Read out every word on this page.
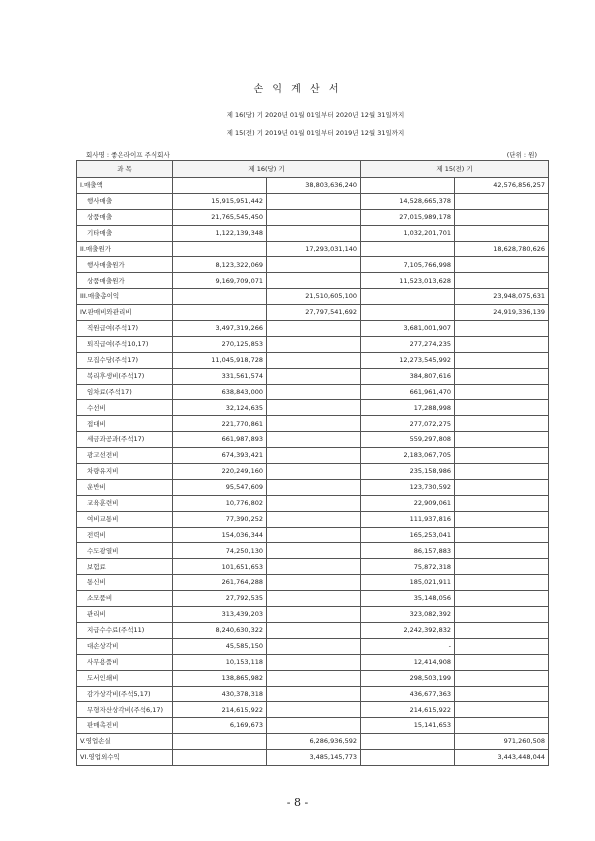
손 익 계 산 서
제 16(당) 기 2020년 01월 01일부터 2020년 12월 31일까지
제 15(전) 기 2019년 01월 01일부터 2019년 12월 31일까지
회사명 : 좋은라이프 주식회사	(단위 : 원)
과 목	제 16(당) 기		제 15(전) 기	
I.매출액		38,803,636,240		42,576,856,257
행사매출	15,915,951,442		14,528,665,378	
상품매출	21,765,545,450		27,015,989,178	
기타매출	1,122,139,348		1,032,201,701	
II.매출원가		17,293,031,140		18,628,780,626
행사매출원가	8,123,322,069		7,105,766,998	
상품매출원가	9,169,709,071		11,523,013,628	
III.매출총이익		21,510,605,100		23,948,075,631
IV.판매비와관리비		27,797,541,692		24,919,336,139
직원급여(주석17)	3,497,319,266		3,681,001,907	
퇴직급여(주석10,17)	270,125,853		277,274,235	
모집수당(주석17)	11,045,918,728		12,273,545,992	
복리후생비(주석17)	331,561,574		384,807,616	
임차료(주석17)	638,843,000		661,961,470	
수선비	32,124,635		17,288,998	
접대비	221,770,861		277,072,275	
세금과공과(주석17)	661,987,893		559,297,808	
광고선전비	674,393,421		2,183,067,705	
차량유지비	220,249,160		235,158,986	
운반비	95,547,609		123,730,592	
교육훈련비	10,776,802		22,909,061	
여비교통비	77,390,252		111,937,816	
전력비	154,036,344		165,253,041	
수도광열비	74,250,130		86,157,883	
보험료	101,651,653		75,872,318	
통신비	261,764,288		185,021,911	
소모품비	27,792,535		35,148,056	
관리비	313,439,203		323,082,392	
지급수수료(주석11)	8,240,630,322		2,242,392,832	
대손상각비	45,585,150		-	
사무용품비	10,153,118		12,414,908	
도서인쇄비	138,865,982		298,503,199	
감가상각비(주석5,17)	430,378,318		436,677,363	
무형자산상각비(주석6,17)	214,615,922		214,615,922	
판매촉진비	6,169,673		15,141,653	
V.영업손실		6,286,936,592		971,260,508
VI.영업외수익		3,485,145,773		3,443,448,044
- 8 -
